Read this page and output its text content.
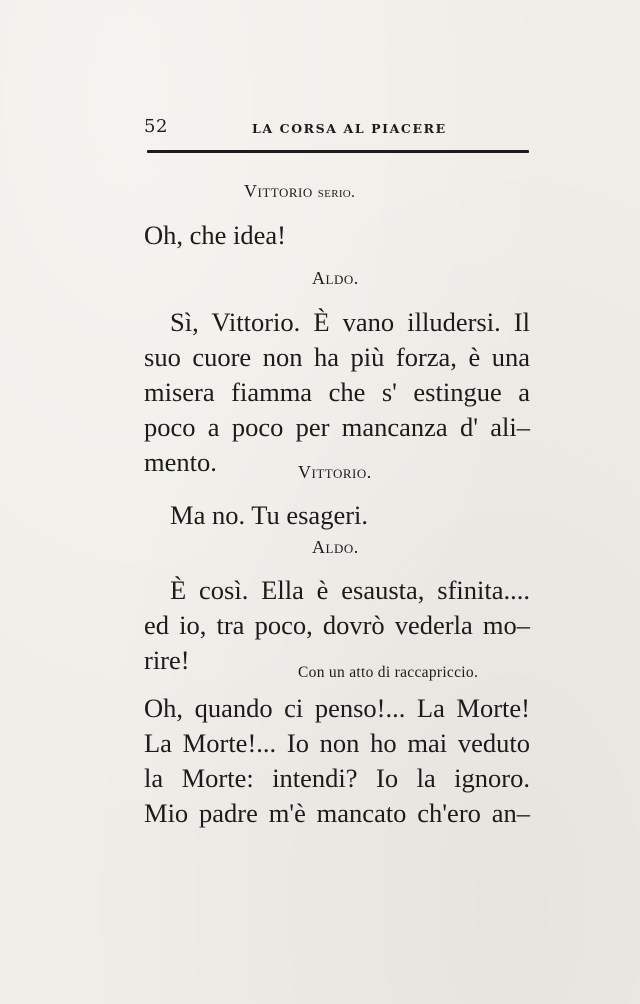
52	LA CORSA AL PIACERE
Vittorio serio.
Oh, che idea!
Aldo.
Sì, Vittorio. È vano illudersi. Il
suo cuore non ha più forza, è una
misera fiamma che s' estingue a
poco a poco per mancanza d' ali–
mento.	Vittorio.
Ma no. Tu esageri.
Aldo.
È così. Ella è esausta, sfinita....
ed io, tra poco, dovrò vederla mo–
rire!	Con un atto di raccapriccio.
Oh, quando ci penso!... La Morte!
La Morte!... Io non ho mai veduto
la Morte: intendi? Io la ignoro.
Mio padre m'è mancato ch'ero an–
